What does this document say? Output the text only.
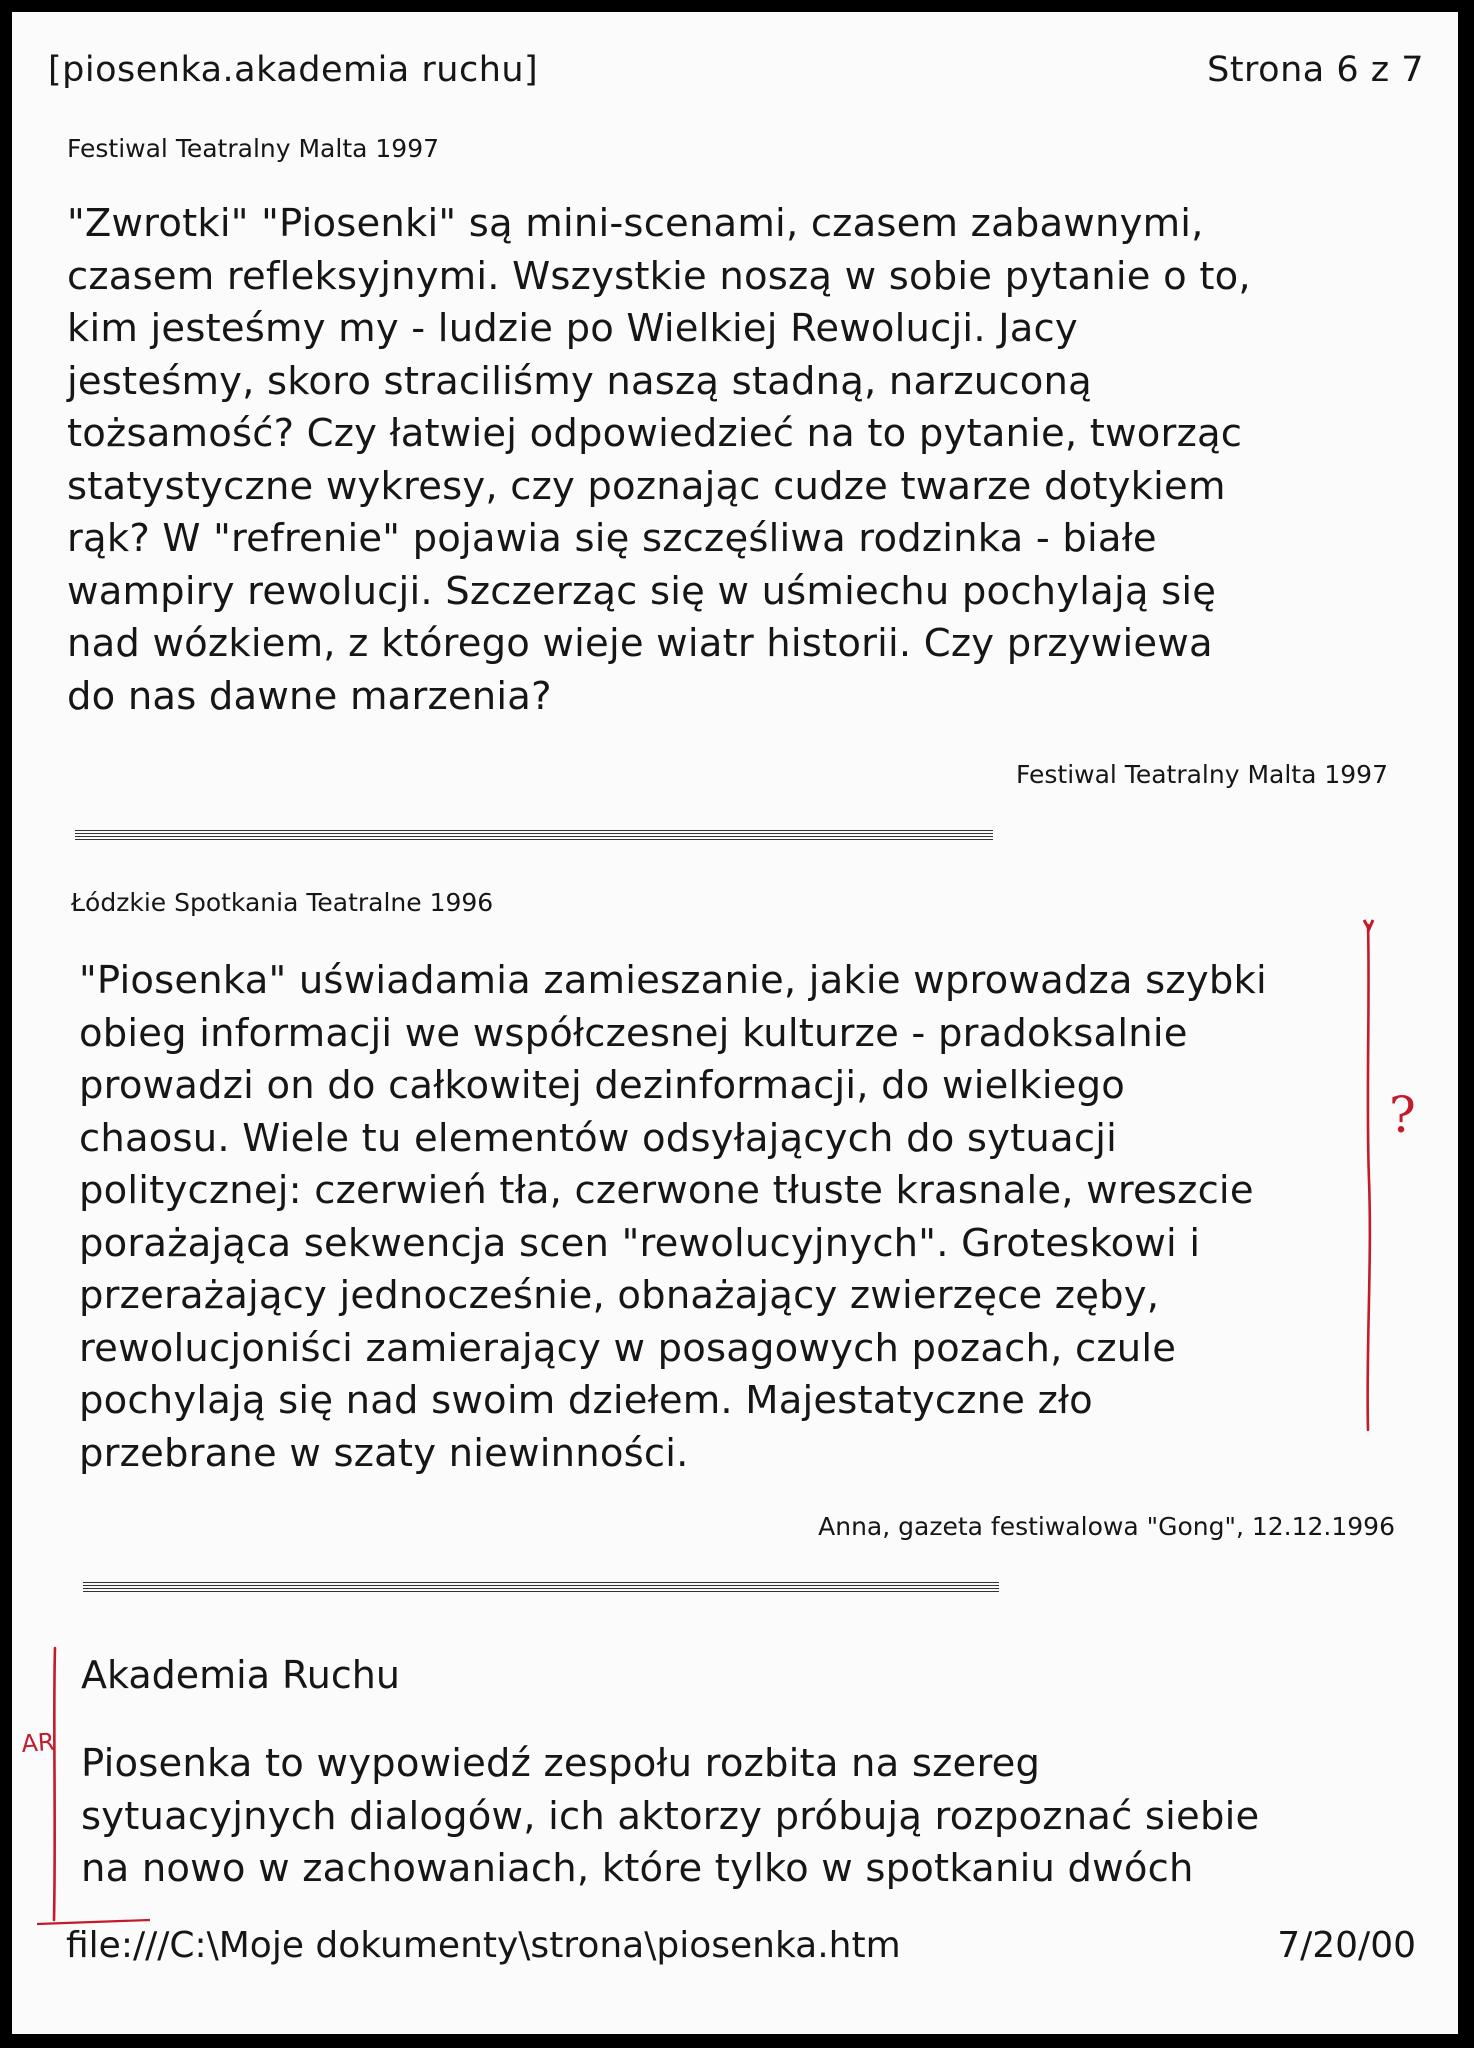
[piosenka.akademia ruchu]	Strona 6 z 7
Festiwal Teatralny Malta 1997
"Zwrotki" "Piosenki" są mini-scenami, czasem zabawnymi,
czasem refleksyjnymi. Wszystkie noszą w sobie pytanie o to,
kim jesteśmy my - ludzie po Wielkiej Rewolucji. Jacy
jesteśmy, skoro straciliśmy naszą stadną, narzuconą
tożsamość? Czy łatwiej odpowiedzieć na to pytanie, tworząc
statystyczne wykresy, czy poznając cudze twarze dotykiem
rąk? W "refrenie" pojawia się szczęśliwa rodzinka - białe
wampiry rewolucji. Szczerząc się w uśmiechu pochylają się
nad wózkiem, z którego wieje wiatr historii. Czy przywiewa
do nas dawne marzenia?
Festiwal Teatralny Malta 1997
Łódzkie Spotkania Teatralne 1996
"Piosenka" uświadamia zamieszanie, jakie wprowadza szybki
obieg informacji we współczesnej kulturze - pradoksalnie
prowadzi on do całkowitej dezinformacji, do wielkiego
chaosu. Wiele tu elementów odsyłających do sytuacji
politycznej: czerwień tła, czerwone tłuste krasnale, wreszcie
porażająca sekwencja scen "rewolucyjnych". Groteskowi i
przerażający jednocześnie, obnażający zwierzęce zęby,
rewolucjoniści zamierający w posagowych pozach, czule
pochylają się nad swoim dziełem. Majestatyczne zło
przebrane w szaty niewinności.
Anna, gazeta festiwalowa "Gong", 12.12.1996
Akademia Ruchu
Piosenka to wypowiedź zespołu rozbita na szereg
sytuacyjnych dialogów, ich aktorzy próbują rozpoznać siebie
na nowo w zachowaniach, które tylko w spotkaniu dwóch
file:///C:\Moje dokumenty\strona\piosenka.htm	7/20/00
?
AR
